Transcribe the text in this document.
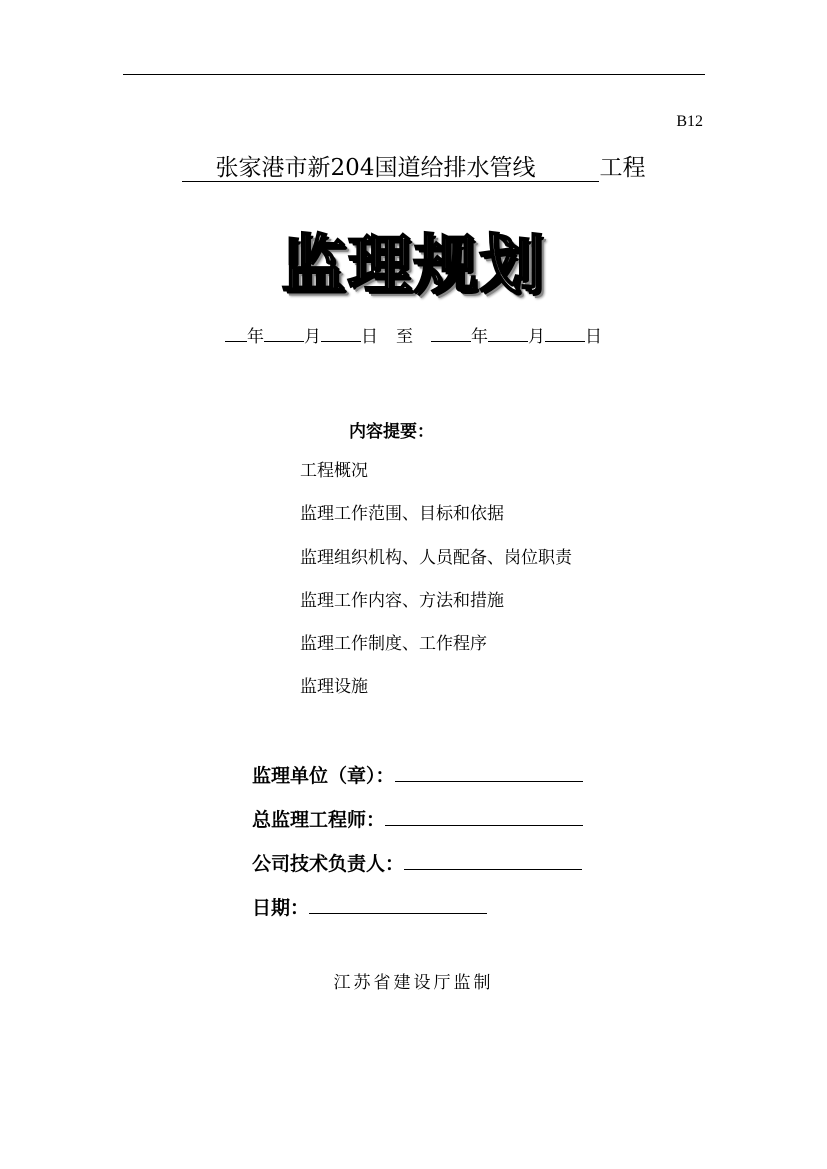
B12
张家港市新204国道给排水管线	工程
监理规划
年 月 日 至	年 月 日
内容提要：
工程概况
监理工作范围、目标和依据
监理组织机构、人员配备、岗位职责
监理工作内容、方法和措施
监理工作制度、工作程序
监理设施
监理单位（章）：
总监理工程师：
公司技术负责人：
日期：
江苏省建设厅监制
